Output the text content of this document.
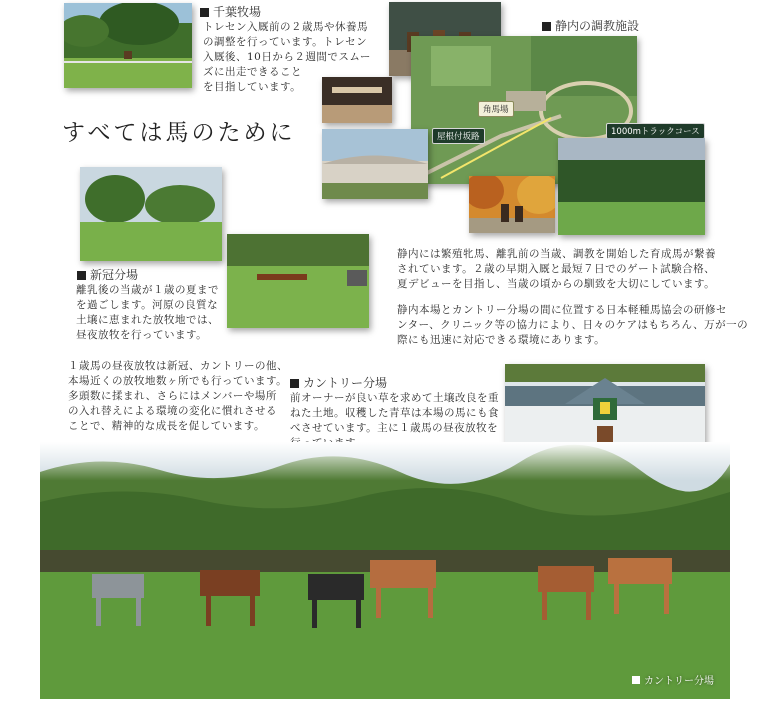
千葉牧場
トレセン入厩前の２歳馬や休養馬
の調整を行っています。トレセン
入厩後、10日から２週間でスムー
ズに出走できること
を目指しています。
静内の調教施設
角馬場
屋根付坂路	1000mトラックコース
すべては馬のために
新冠分場
離乳後の当歳が１歳の夏まで
を過ごします。河原の良質な
土壌に恵まれた放牧地では、
昼夜放牧を行っています。
静内には繁殖牝馬、離乳前の当歳、調教を開始した育成馬が繋養
されています。２歳の早期入厩と最短７日でのゲート試験合格、
夏デビューを目指し、当歳の頃からの馴致を大切にしています。
静内本場とカントリー分場の間に位置する日本軽種馬協会の研修セ
ンター、クリニック等の協力により、日々のケアはもちろん、万が一の
際にも迅速に対応できる環境にあります。
１歳馬の昼夜放牧は新冠、カントリーの他、
本場近くの放牧地数ヶ所でも行っています。
多頭数に揉まれ、さらにはメンバーや場所
の入れ替えによる環境の変化に慣れさせる
ことで、精神的な成長を促しています。
カントリー分場
前オーナーが良い草を求めて土壌改良を重
ねた土地。収穫した青草は本場の馬にも食
べさせています。主に１歳馬の昼夜放牧を
カントリー分場
